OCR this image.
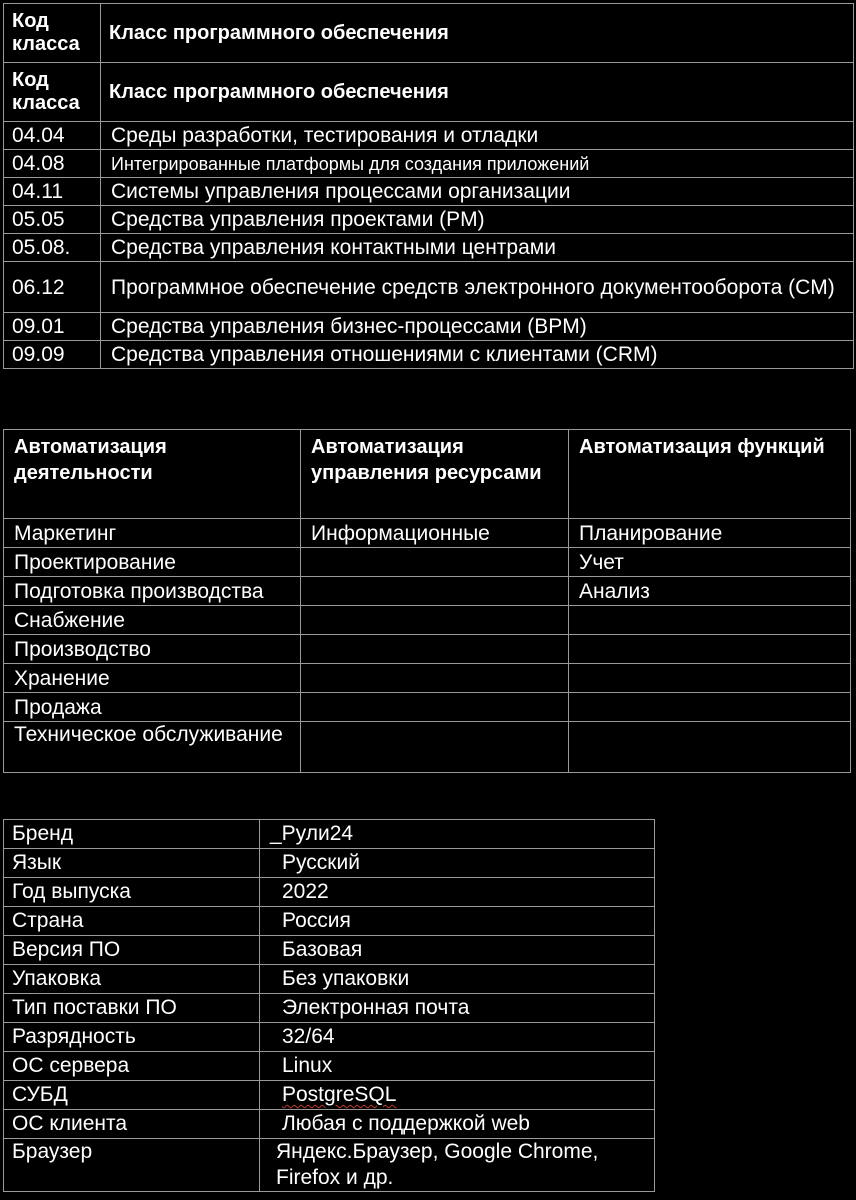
Код класса	Класс программного обеспечения
Код класса	Класс программного обеспечения
04.04	Среды разработки, тестирования и отладки
04.08	Интегрированные платформы для создания приложений
04.11	Системы управления процессами организации
05.05	Средства управления проектами (PM)
05.08.	Средства управления контактными центрами
06.12	Программное обеспечение средств электронного документооборота (CM)
09.01	Средства управления бизнес-процессами (BPM)
09.09	Средства управления отношениями с клиентами (CRM)
Автоматизация деятельности	Автоматизация управления ресурсами	Автоматизация функций
Маркетинг	Информационные	Планирование
Проектирование		Учет
Подготовка производства		Анализ
Снабжение		
Производство		
Хранение		
Продажа		
Техническое обслуживание		
Бренд	_Рули24
Язык	Русский
Год выпуска	2022
Страна	Россия
Версия ПО	Базовая
Упаковка	Без упаковки
Тип поставки ПО	Электронная почта
Разрядность	32/64
ОС сервера	Linux
СУБД	PostgreSQL
ОС клиента	Любая с поддержкой web
Браузер	Яндекс.Браузер, Google Chrome, Firefox и др.
